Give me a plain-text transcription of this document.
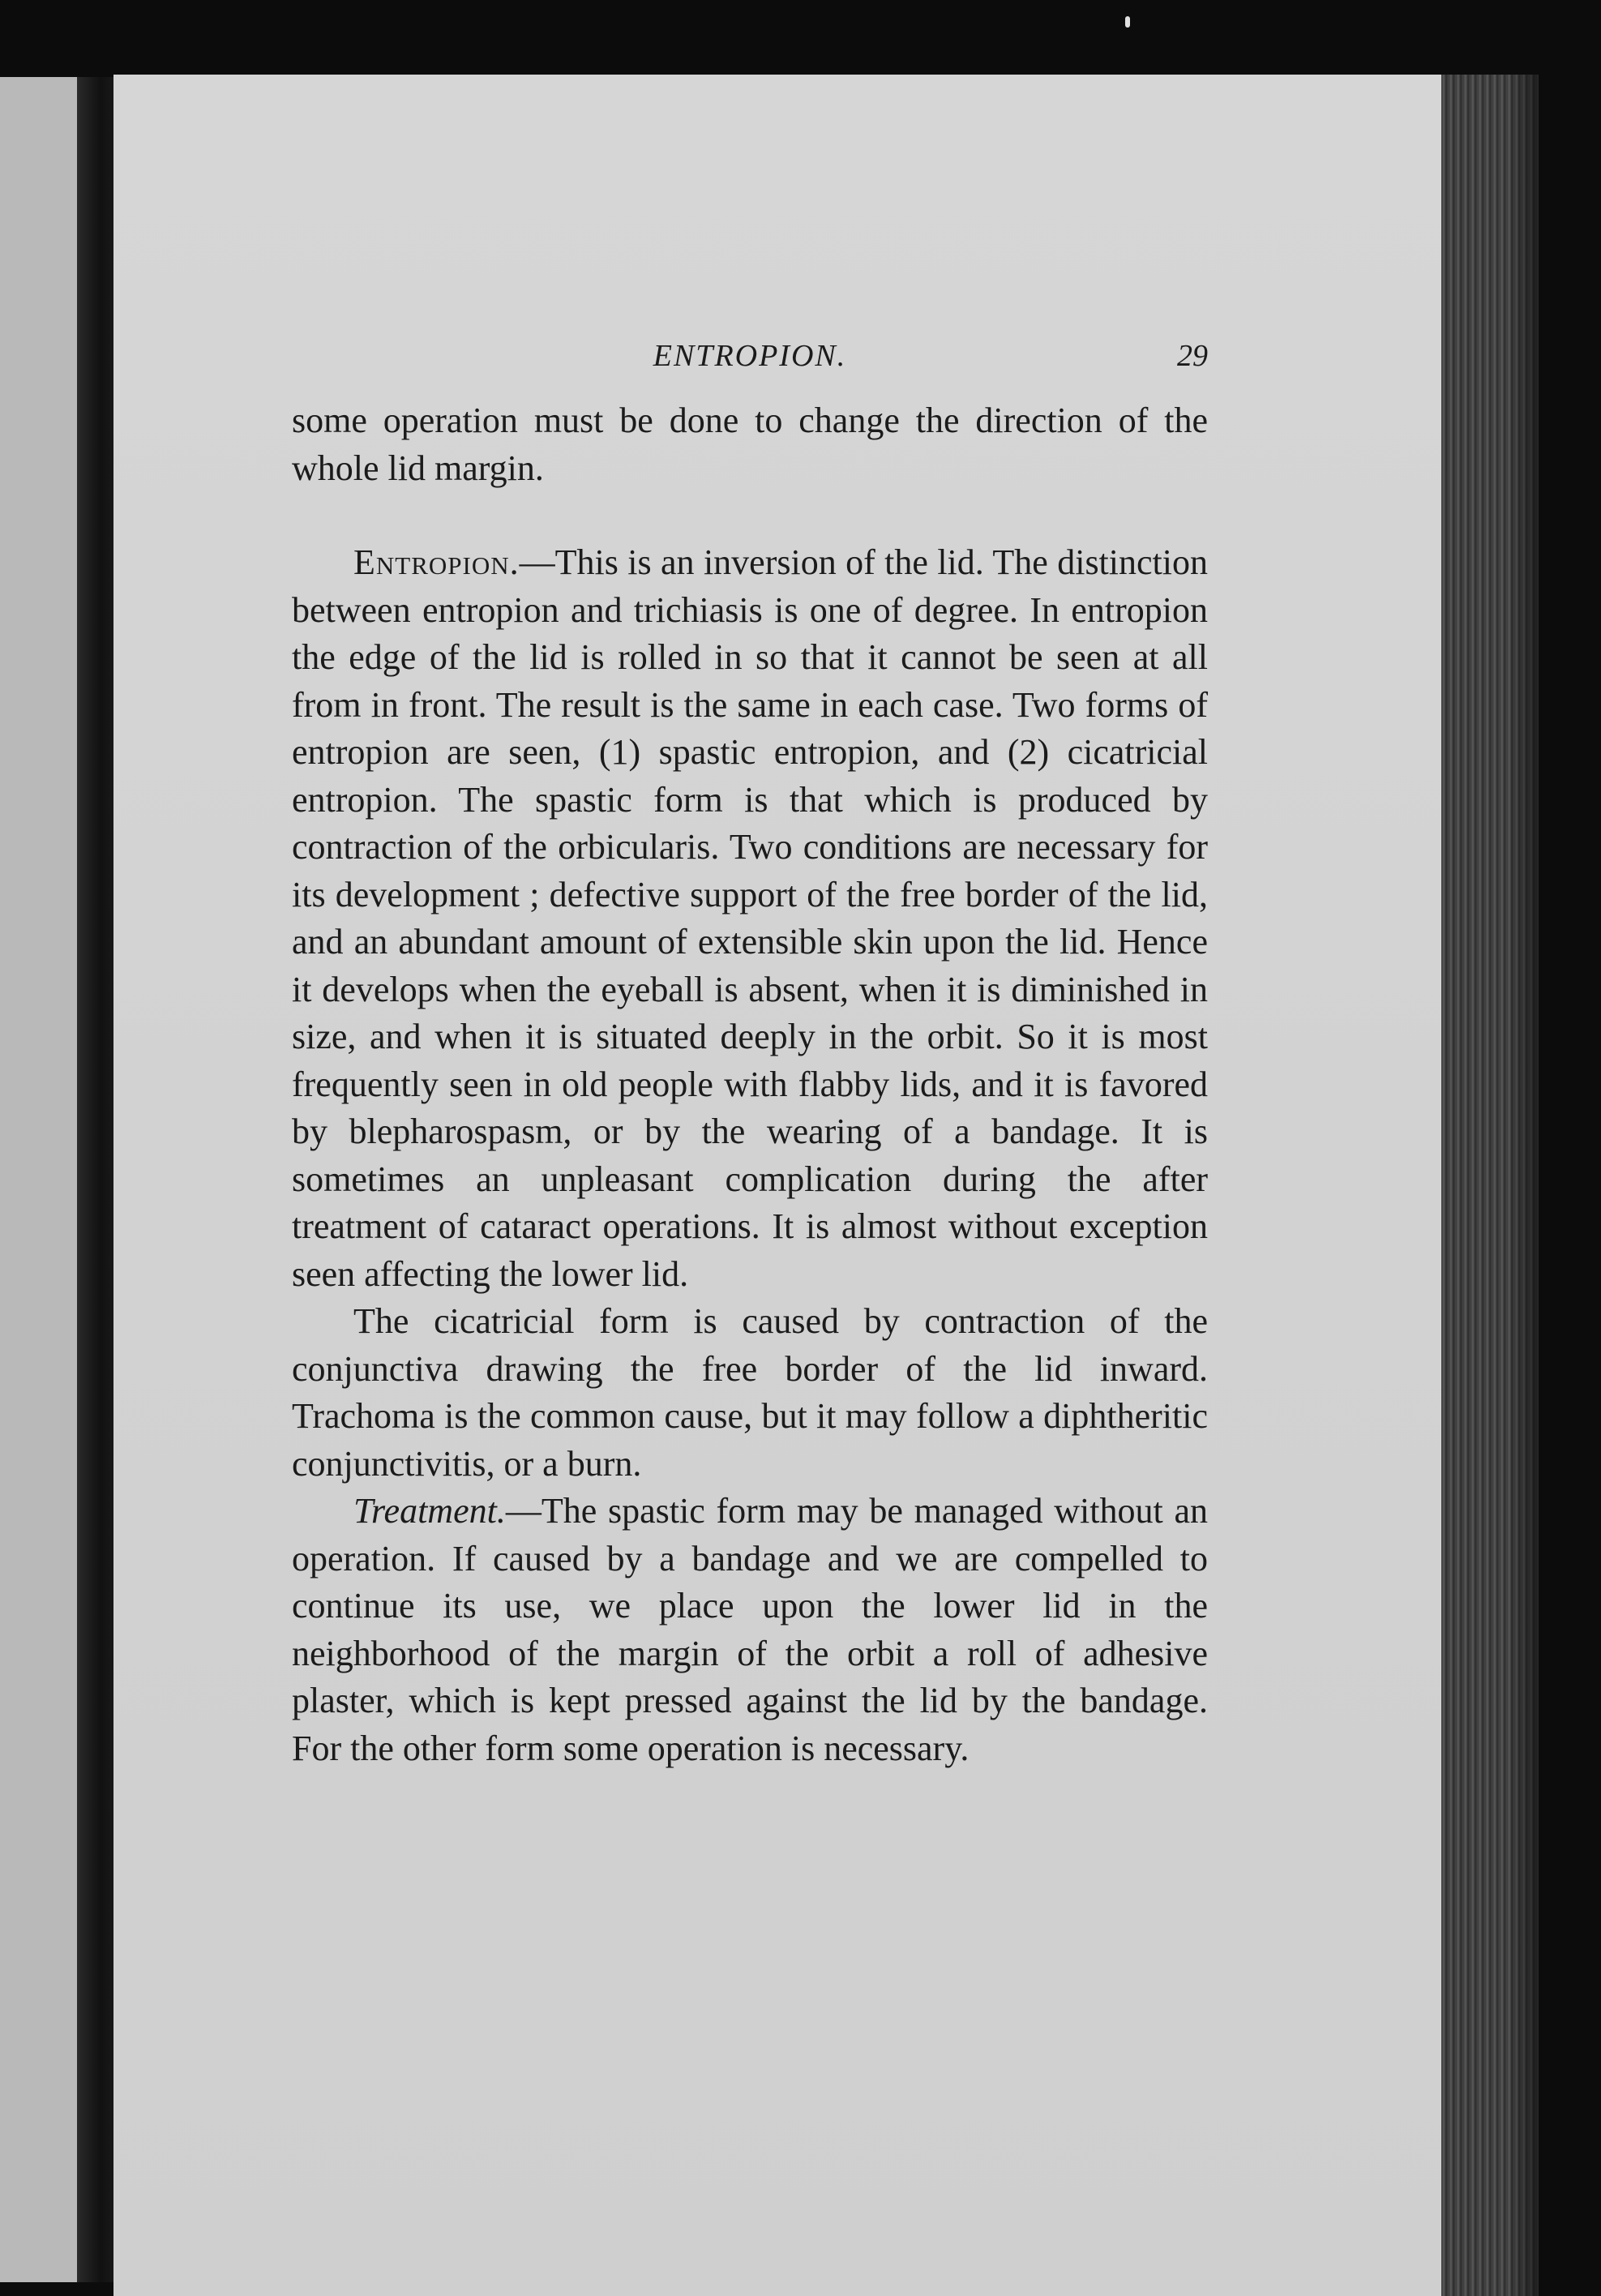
ENTROPION.	29

some operation must be done to change the direction of the whole lid margin.

Entropion.—This is an inversion of the lid. The distinction between entropion and trichiasis is one of degree. In entropion the edge of the lid is rolled in so that it cannot be seen at all from in front. The result is the same in each case. Two forms of entropion are seen, (1) spastic entropion, and (2) cicatricial entropion. The spastic form is that which is produced by contraction of the orbicularis. Two conditions are necessary for its development ; defective support of the free border of the lid, and an abundant amount of extensible skin upon the lid. Hence it develops when the eyeball is absent, when it is diminished in size, and when it is situated deeply in the orbit. So it is most frequently seen in old people with flabby lids, and it is favored by blepharospasm, or by the wearing of a bandage. It is sometimes an unpleasant complication during the after treatment of cataract operations. It is almost without exception seen affecting the lower lid.

The cicatricial form is caused by contraction of the conjunctiva drawing the free border of the lid inward. Trachoma is the common cause, but it may follow a diphtheritic conjunctivitis, or a burn.

Treatment.—The spastic form may be managed without an operation. If caused by a bandage and we are compelled to continue its use, we place upon the lower lid in the neighborhood of the margin of the orbit a roll of adhesive plaster, which is kept pressed against the lid by the bandage. For the other form some operation is necessary.
